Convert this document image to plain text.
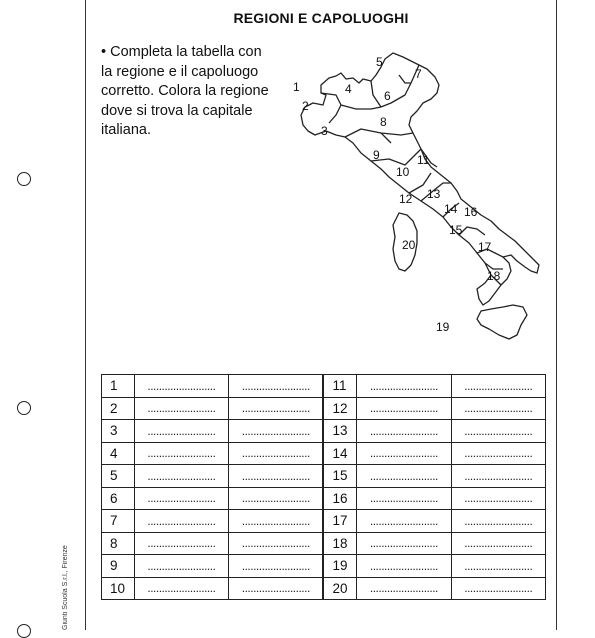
Giunti Scuola S.r.l., Firenze
REGIONI E CAPOLUOGHI
• Completa la tabella con la regione e il capoluogo corretto. Colora la regione dove si trova la capitale italiana.
1
2
3
4
5
6
7
8
9
10
11
12 13
14 16
15
17
18
19
20
1	........................	........................	11	........................	........................
2	........................	........................	12	........................	........................
3	........................	........................	13	........................	........................
4	........................	........................	14	........................	........................
5	........................	........................	15	........................	........................
6	........................	........................	16	........................	........................
7	........................	........................	17	........................	........................
8	........................	........................	18	........................	........................
9	........................	........................	19	........................	........................
10	........................	........................	20	........................	........................
